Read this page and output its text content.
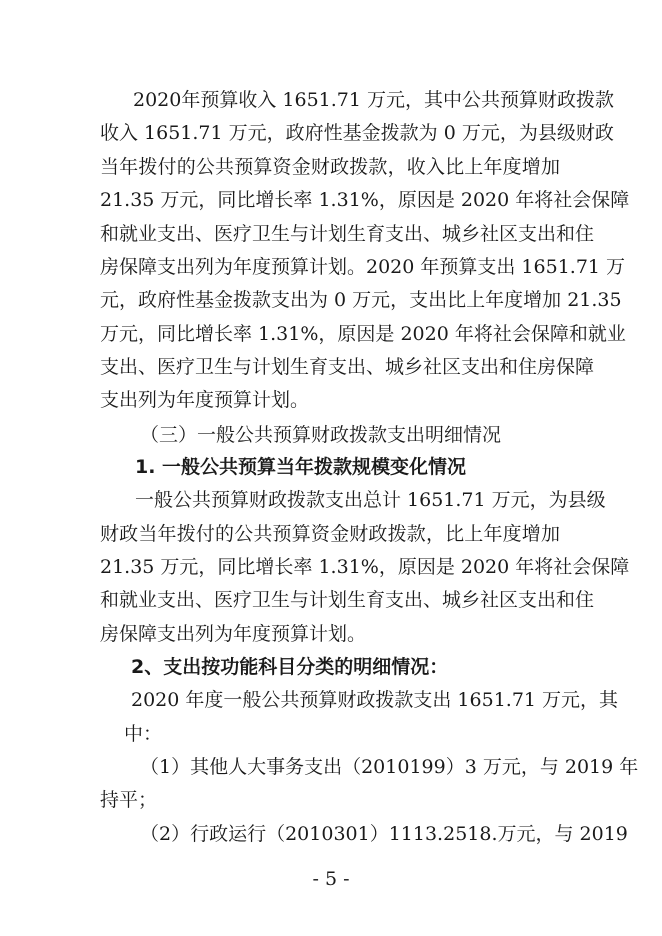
2020年预算收入 1651.71 万元，其中公共预算财政拨款
收入 1651.71 万元，政府性基金拨款为 0 万元，为县级财政
当年拨付的公共预算资金财政拨款，收入比上年度增加
21.35 万元，同比增长率 1.31%，原因是 2020 年将社会保障
和就业支出、医疗卫生与计划生育支出、城乡社区支出和住
房保障支出列为年度预算计划。2020 年预算支出 1651.71 万
元，政府性基金拨款支出为 0 万元，支出比上年度增加 21.35
万元，同比增长率 1.31%，原因是 2020 年将社会保障和就业
支出、医疗卫生与计划生育支出、城乡社区支出和住房保障
支出列为年度预算计划。
（三）一般公共预算财政拨款支出明细情况
1. 一般公共预算当年拨款规模变化情况
一般公共预算财政拨款支出总计 1651.71 万元，为县级
财政当年拨付的公共预算资金财政拨款，比上年度增加
21.35 万元，同比增长率 1.31%，原因是 2020 年将社会保障
和就业支出、医疗卫生与计划生育支出、城乡社区支出和住
房保障支出列为年度预算计划。
2、支出按功能科目分类的明细情况：
2020 年度一般公共预算财政拨款支出 1651.71 万元，其
中：
（1）其他人大事务支出（2010199）3 万元，与 2019 年
持平；
（2）行政运行（2010301）1113.2518.万元，与 2019
- 5 -
